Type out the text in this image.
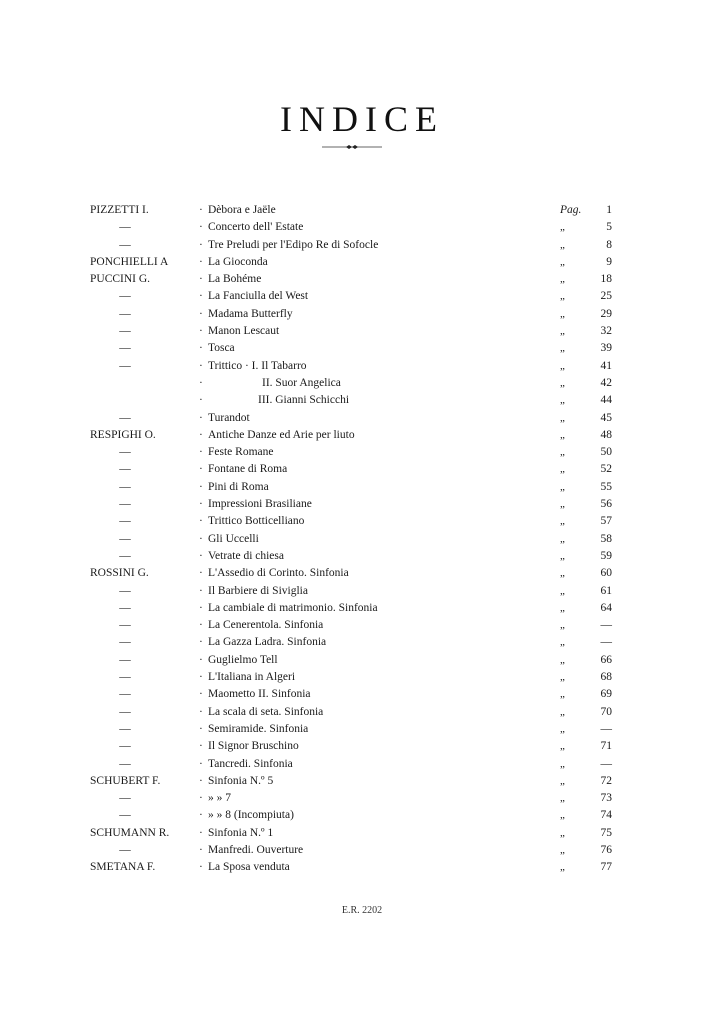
INDICE
PIZZETTI I.	· Dèbora e Jaële	Pag.	1
—	· Concerto dell' Estate	„	5
—	· Tre Preludi per l'Edipo Re di Sofocle	„	8
PONCHIELLI A	· La Gioconda	„	9
PUCCINI G.	· La Bohéme	„	18
—	· La Fanciulla del West	„	25
—	· Madama Butterfly	„	29
—	· Manon Lescaut	„	32
—	· Tosca	„	39
—	· Trittico · I. Il Tabarro	„	41
·	II. Suor Angelica	„	42
·	III. Gianni Schicchi	„	44
—	· Turandot	„	45
RESPIGHI O.	· Antiche Danze ed Arie per liuto	„	48
—	· Feste Romane	„	50
—	· Fontane di Roma	„	52
—	· Pini di Roma	„	55
—	· Impressioni Brasiliane	„	56
—	· Trittico Botticelliano	„	57
—	· Gli Uccelli	„	58
—	· Vetrate di chiesa	„	59
ROSSINI G.	· L'Assedio di Corinto. Sinfonia	„	60
—	· Il Barbiere di Siviglia	„	61
—	· La cambiale di matrimonio. Sinfonia	„	64
—	· La Cenerentola. Sinfonia	„	—
—	· La Gazza Ladra. Sinfonia	„	—
—	· Guglielmo Tell	„	66
—	· L'Italiana in Algeri	„	68
—	· Maometto II. Sinfonia	„	69
—	· La scala di seta. Sinfonia	„	70
—	· Semiramide. Sinfonia	„	—
—	· Il Signor Bruschino	„	71
—	· Tancredi. Sinfonia	„	—
SCHUBERT F.	· Sinfonia N.º 5	„	72
—	· » » 7	„	73
—	· » » 8 (Incompiuta)	„	74
SCHUMANN R.	· Sinfonia N.º 1	„	75
—	· Manfredi. Ouverture	„	76
SMETANA F.	· La Sposa venduta	„	77
E.R. 2202
